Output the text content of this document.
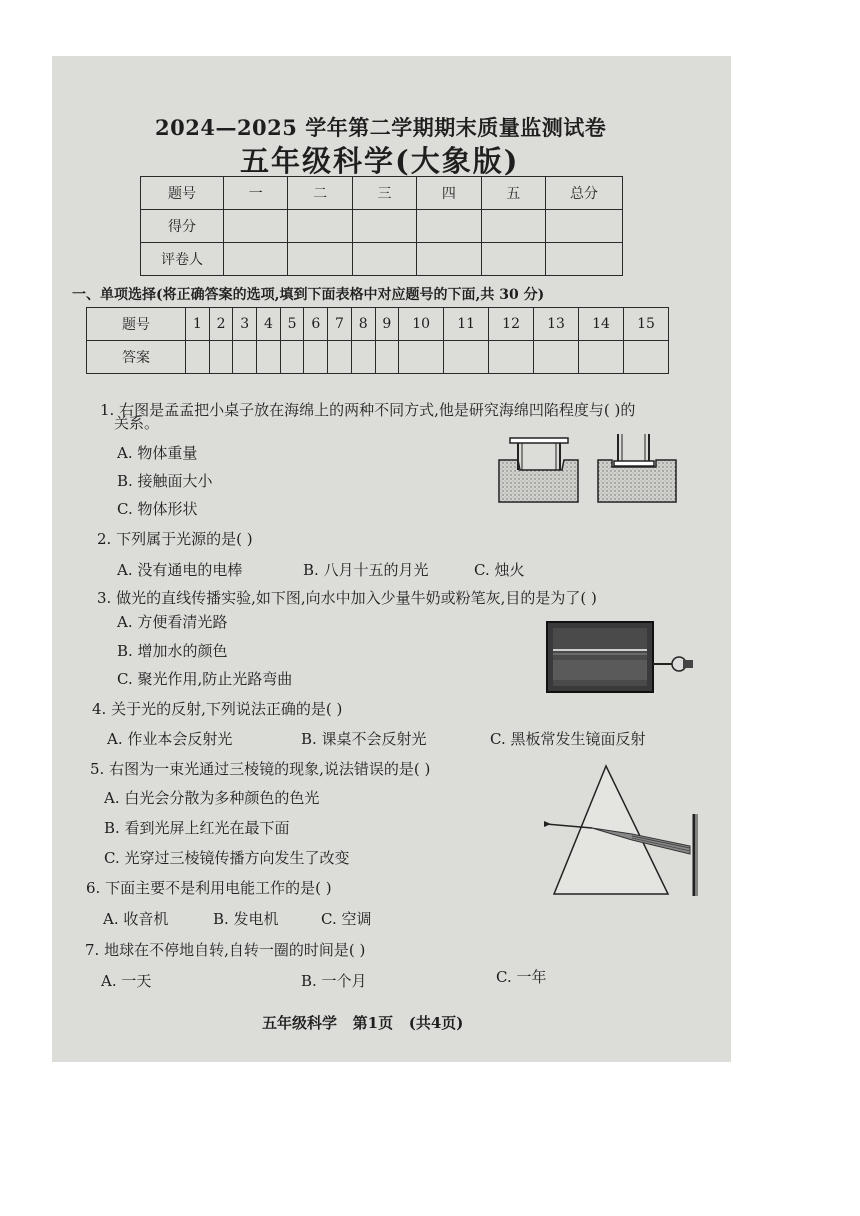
2024—2025 学年第二学期期末质量监测试卷
五年级科学(大象版)
题号	一	二	三	四	五	总分
得分						
评卷人						
一、单项选择(将正确答案的选项,填到下面表格中对应题号的下面,共 30 分)
题号	1	2	3	4	5	6	7	8	9	10	11	12	13	14	15
答案															
1. 右图是孟孟把小桌子放在海绵上的两种不同方式,他是研究海绵凹陷程度与( )的
关系。
A. 物体重量
B. 接触面大小
C. 物体形状
2. 下列属于光源的是( )
A. 没有通电的电棒	B. 八月十五的月光	C. 烛火
3. 做光的直线传播实验,如下图,向水中加入少量牛奶或粉笔灰,目的是为了( )
A. 方便看清光路
B. 增加水的颜色
C. 聚光作用,防止光路弯曲
4. 关于光的反射,下列说法正确的是( )
A. 作业本会反射光	B. 课桌不会反射光	C. 黑板常发生镜面反射
5. 右图为一束光通过三棱镜的现象,说法错误的是( )
A. 白光会分散为多种颜色的色光
B. 看到光屏上红光在最下面
C. 光穿过三棱镜传播方向发生了改变
6. 下面主要不是利用电能工作的是( )
A. 收音机	B. 发电机	C. 空调
7. 地球在不停地自转,自转一圈的时间是( )
A. 一天	B. 一个月	C. 一年
五年级科学   第1页   (共4页)
